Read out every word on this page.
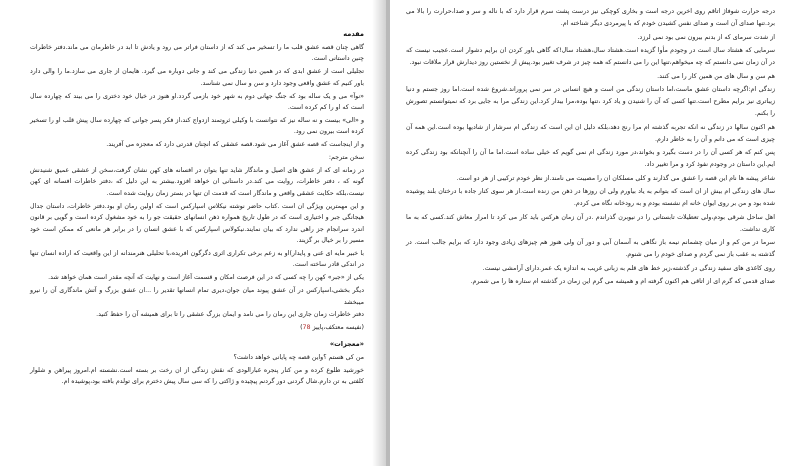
مقدمه
گاهی چنان قصه عشق قلب ما را تسخیر می کند که از داستان فراتر می رود و یادش تا ابد در خاطرمان می ماند.دفتر خاطرات چنین داستانی است.
تجلیلی است از عشق ابدی که در همین دنیا زندگی می کند و جانی دوباره می گیرد. هایمان از جاری می سازد.ما را والی دارد باور کنیم که عشق واقعی وجود دارد و سن و سال نمی شناسد.
«نوآ» می و یک ساله بود که جنگ جهانی دوم به شهر خود بازمی گردد.او هنوز در خیال خود دختری را می بیند که چهارده سال است که او را کم کرده است.
و «الی» بیست و نه ساله نیز که نتوانست با وکیلی ثروتمند ازدواج کند،از فکر پسر جوانی که چهارده سال پیش قلب او را تسخیر کرده است بیرون نمی رود.
و از اینجاست که قصه عشق آغاز می شود.قصه عشقی که انچنان قدرتی دارد که معجزه می آفریند.
سخن مترجم:
در زمانه ای که از عشق های اصیل و ماندگار شاید تنها بتوان در افسانه های کهن نشان گرفت،سخن از عشقی عمیق شنیدنش گونه که ، دفتر خاطرات، روایت می کند.در داستانی ان خواهد افزود.بیشتر به این دلیل که ،دفتر خاطرات افسانه ای کهن نیست،بلکه حکایت عشقی واقعی و ماندگار است که قدمت ان تنها در بستر زمان روایت شده است.
و این مهمترین ویژگی ان است .کتاب حاضر نوشته نیکلاس اسپارکس است که اولین رمان او بود.دفتر خاطرات، داستان جدال هیجانگی جبر و اختیاری است که در طول تاریخ همواره ذهن انسانهای حقیقت جو را به خود مشغول کرده است و گویی بر قانون اندرد سرانجام جز راهی ندارد که بیان نمایند.نیکولاس اسپارکس که با عشق انسان را در برابر هر مانعی که ممکن است خود مسیر را بر خیال بر گزیند.
با خبیر مایه ای غنی و پایدار)او به زعم برخی تکراری اثری دگرگون افریده،با تحلیلی هنرمندانه از این واقعیت که اراده انسان تنها در اندکی قادر ساخته است.
یکی از «جبر» کهن را چه کسی که در این فرصت امکان و قسمت آغاز است و نهایت که آنچه مقدر است همان خواهد شد.
دیگر بخشی،اسپارکس در آن عشق پیوند میان جوان،دیری تمام انسانها تقدیر را ...ان عشق بزرگ و آتش ماندگاری آن را نیرو میبخشد
دفتر خاطرات زمان جاری این رمان را می نامد و ایمان بزرگ عشقی را تا برای همیشه آن را حفظ کنید.
(نفیسه معتکف،پاییز 78)
«معجزات»
من کی هستم ؟واین قصه چه پایانی خواهد داشت؟
خورشید طلوع کرده و من کنار پنجره غبارالودی که نقش زندگی از ان رخت بر بسته است.نشسته ام.امروز پیراهن و شلوار کلفتی به تن دارم.شال گردنی دور گردنم پیچیده و ژاکتی را که سی سال پیش دخترم برای تولدم بافته بود،پوشیده ام.
درجه حرارت شوفاژ اتاقم روی اخرین درجه است و بخاری کوچکی نیز درست پشت سرم قرار دارد که با ناله و سر و صدا،حرارت را بالا می برد.تنها صدای آن است و صدای نفس کشیدن خودم که با پیرمردی دیگر شناخته ام.
از شدت سرمای که از بدنم بیرون نمی بود نمی لرزد.
سرمایی که هشتاد سال است در وجودم مأوا گزیده است.هشتاد سال،هشتاد سال!که گاهی باور کردن ان برایم دشوار است.عجیب نیست که در آن زمان نمی دانستم که چه میخواهم،تنها این را می دانستم که همه چیز در شرف تغییر بود.پیش از نخستین روز دیدارش قرار ملاقات نبود.
هم سن و سال های من همین کار را می کنند.
زندگی ام:اگرچه داستان عشق ماست،اما داستان زندگی من است و هیچ انسانی در سر نمی پروراند.شروع شده است.اما روز جستم و دنیا زیباتری نیز برایم مطرح است.تنها کسی که آن را شنیدن و یاد کرد ،تنها بوده،مرا بیدار کرد.این زندگی مرا به جایی برد که نمیتوانستم تصورش را بکنم.
هم اکنون سالها در زندگی نه انکه تجربه گذشته ام مرا رنج دهد،بلکه دلیل ان این است که زندگی ام سرشار از شادیها بوده است.این همه آن چیزی است که می دانم و آن را به خاطر دارم.
پس کنم که هر کسی آن را در دست بگیرد و بخواند،در مورد زندگی ام نمی گویم که خیلی ساده است.اما ما آن را آنچنانکه بود زندگی کرده ایم.این داستان در وجودم نفوذ کرد و مرا تغییر داد.
شاعر پیشه ها نام این قصه را عشق می گذارند و کلی مسلکان ان را مصیبت می نامند.از نظر خودم ترکیبی از هر دو است.
سال های زندگی ام بیش از ان است که بتوانم به یاد بیاورم ولی ان روزها در ذهن من زنده است.از هر سوی کنار جاده با درختان بلند پوشیده شده بود و من بر روی ایوان خانه ام نشسته بودم و به رودخانه نگاه می کردم.
اهل ساحل شرقی بودم،ولی تعطیلات تابستانی را در نیوبرن گذراندم .در آن زمان هرکس باید کار می کرد تا امرار معاش کند.کسی که به ما کاری نداشت.
سرما در من کم و از میان چشمانم نیمه باز نگاهی به آسمان آبی و دور آن ولی هنوز هم چیزهای زیادی وجود دارد که برایم جالب است. در گذشته به عقب باز نمی گردم و صدای خودم را می شنوم.
روی کاغذی های سفید زندگی در گذشته،زیر خط های قلم به زبانی غریب به اندازه یک عمر.دارای آرامشی نیست.
صدای قدمی که گرم ای از اتاقی هم اکنون گرفته ام و همیشه می گرم این زمان در گذشته ام ستاره ها را می شمرم.
